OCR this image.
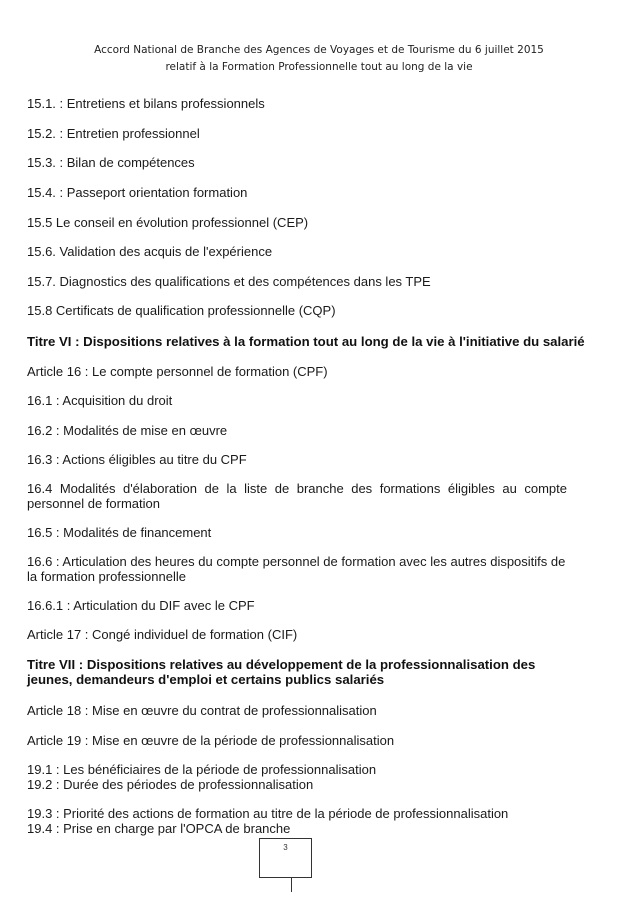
Accord National de Branche des Agences de Voyages et de Tourisme du 6 juillet 2015
relatif à la Formation Professionnelle tout au long de la vie
15.1. : Entretiens et bilans professionnels
15.2. : Entretien professionnel
15.3. : Bilan de compétences
15.4. : Passeport orientation formation
15.5 Le conseil en évolution professionnel (CEP)
15.6. Validation des acquis de l'expérience
15.7. Diagnostics des qualifications et des compétences dans les TPE
15.8 Certificats de qualification professionnelle (CQP)
Titre VI : Dispositions relatives à la formation tout au long de la vie à l'initiative du salarié
Article 16 : Le compte personnel de formation (CPF)
16.1 : Acquisition du droit
16.2 : Modalités de mise en œuvre
16.3 : Actions éligibles au titre du CPF
16.4 Modalités d'élaboration de la liste de branche des formations éligibles au compte personnel de formation
16.5 : Modalités de financement
16.6 : Articulation des heures du compte personnel de formation avec les autres dispositifs de la formation professionnelle
16.6.1 : Articulation du DIF avec le CPF
Article 17 : Congé individuel de formation (CIF)
Titre VII : Dispositions relatives au développement de la professionnalisation des jeunes, demandeurs d'emploi et certains publics salariés
Article 18 : Mise en œuvre du contrat de professionnalisation
Article 19 : Mise en œuvre de la période de professionnalisation
19.1 : Les bénéficiaires de la période de professionnalisation
19.2 : Durée des périodes de professionnalisation
19.3 : Priorité des actions de formation au titre de la période de professionnalisation
19.4 : Prise en charge par l'OPCA de branche
3
